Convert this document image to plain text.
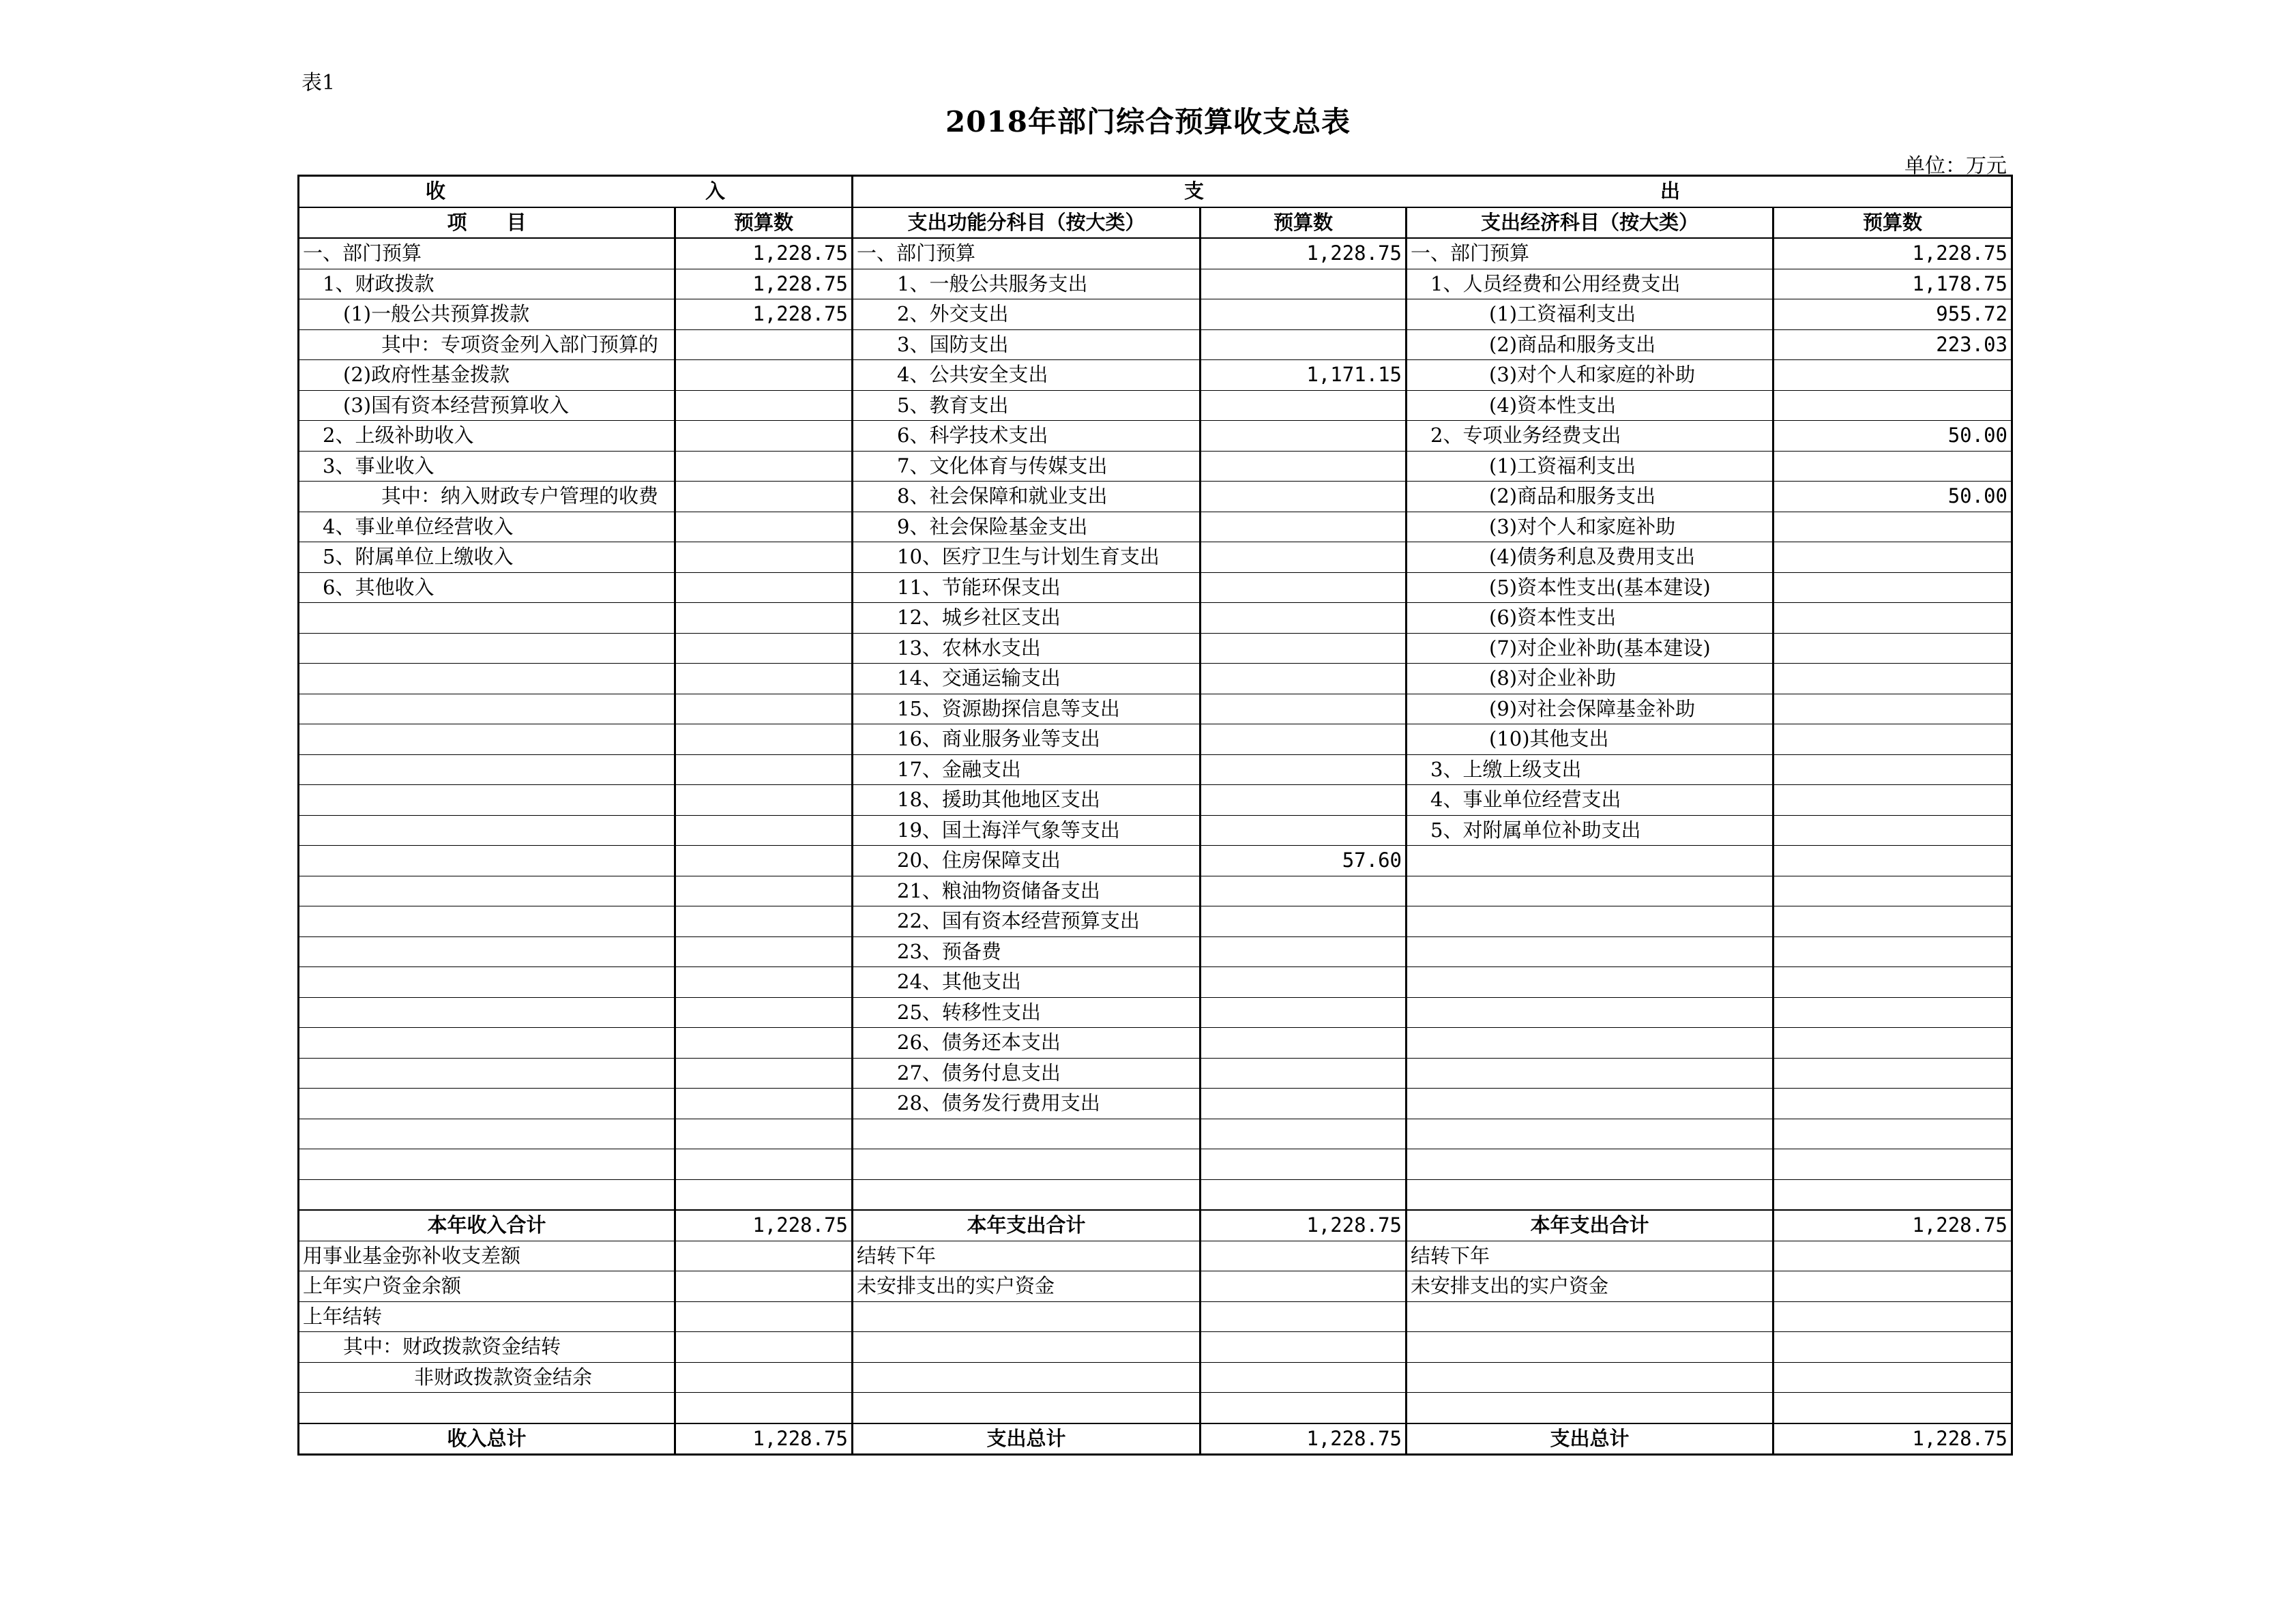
表1
2018年部门综合预算收支总表
单位：万元
收 入		支 出			

项　　目	预算数	支出功能分科目（按大类）	预算数	支出经济科目（按大类）	预算数
一、部门预算	1,228.75	一、部门预算	1,228.75	一、部门预算	1,228.75
1、财政拨款	1,228.75	1、一般公共服务支出		1、人员经费和公用经费支出	1,178.75
(1)一般公共预算拨款	1,228.75	2、外交支出		(1)工资福利支出	955.72
其中：专项资金列入部门预算的		3、国防支出		(2)商品和服务支出	223.03
(2)政府性基金拨款		4、公共安全支出	1,171.15	(3)对个人和家庭的补助	
(3)国有资本经营预算收入		5、教育支出		(4)资本性支出	
2、上级补助收入		6、科学技术支出		2、专项业务经费支出	50.00
3、事业收入		7、文化体育与传媒支出		(1)工资福利支出	
其中：纳入财政专户管理的收费		8、社会保障和就业支出		(2)商品和服务支出	50.00
4、事业单位经营收入		9、社会保险基金支出		(3)对个人和家庭补助	
5、附属单位上缴收入		10、医疗卫生与计划生育支出		(4)债务利息及费用支出	
6、其他收入		11、节能环保支出		(5)资本性支出(基本建设)	
		12、城乡社区支出		(6)资本性支出	
		13、农林水支出		(7)对企业补助(基本建设)	
		14、交通运输支出		(8)对企业补助	
		15、资源勘探信息等支出		(9)对社会保障基金补助	
		16、商业服务业等支出		(10)其他支出	
		17、金融支出		3、上缴上级支出	
		18、援助其他地区支出		4、事业单位经营支出	
		19、国土海洋气象等支出		5、对附属单位补助支出	
		20、住房保障支出	57.60		
		21、粮油物资储备支出			
		22、国有资本经营预算支出			
		23、预备费			
		24、其他支出			
		25、转移性支出			
		26、债务还本支出			
		27、债务付息支出			
		28、债务发行费用支出			

本年收入合计	1,228.75	本年支出合计	1,228.75	本年支出合计	1,228.75
用事业基金弥补收支差额		结转下年		结转下年	
上年实户资金余额		未安排支出的实户资金		未安排支出的实户资金	
上年结转					
其中：财政拨款资金结转					
非财政拨款资金结余					

收入总计	1,228.75	支出总计	1,228.75	支出总计	1,228.75
